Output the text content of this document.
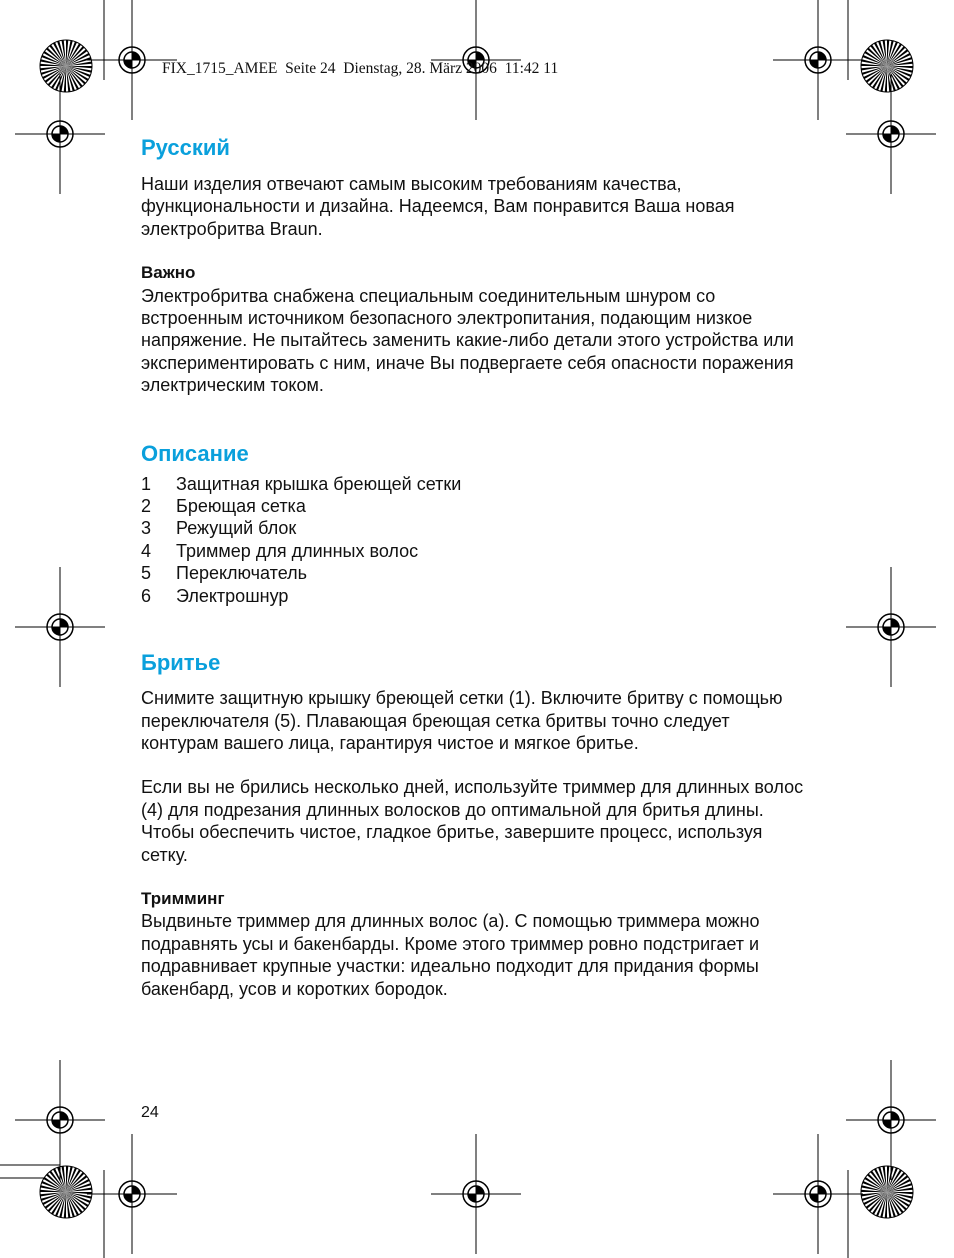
FIX_1715_AMEE  Seite 24  Dienstag, 28. März 2006  11:42 11
Русский

Наши изделия отвечают самым высоким требованиям качества, функциональности и дизайна. Надеемся, Вам понравится Ваша новая электробритва Braun.

Важно

Электробритва снабжена специальным соединительным шнуром со встроенным источником безопасного электропитания, подающим низкое напряжение. Не пытайтесь заменить какие-либо детали этого устройства или экспериментировать с ним, иначе Вы подвергаете себя опасности поражения электрическим током.

Описание
1	Защитная крышка бреющей сетки
2	Бреющая сетка
3	Режущий блок
4	Триммер для длинных волос
5	Переключатель
6	Электрошнур
Бритье

Снимите защитную крышку бреющей сетки (1). Включите бритву с помощью переключателя (5). Плавающая бреющая сетка бритвы точно следует контурам вашего лица, гарантируя чистое и мягкое бритье.

Если вы не брились несколько дней, используйте триммер для длинных волос (4) для подрезания длинных волосков до оптимальной для бритья длины. Чтобы обеспечить чистое, гладкое бритье, завершите процесс, используя сетку.

Тримминг

Выдвиньте триммер для длинных волос (a). С помощью триммера можно подравнять усы и бакенбарды. Кроме этого триммер ровно подстригает и подравнивает крупные участки: идеально подходит для придания формы бакенбард, усов и коротких бородок.

24
